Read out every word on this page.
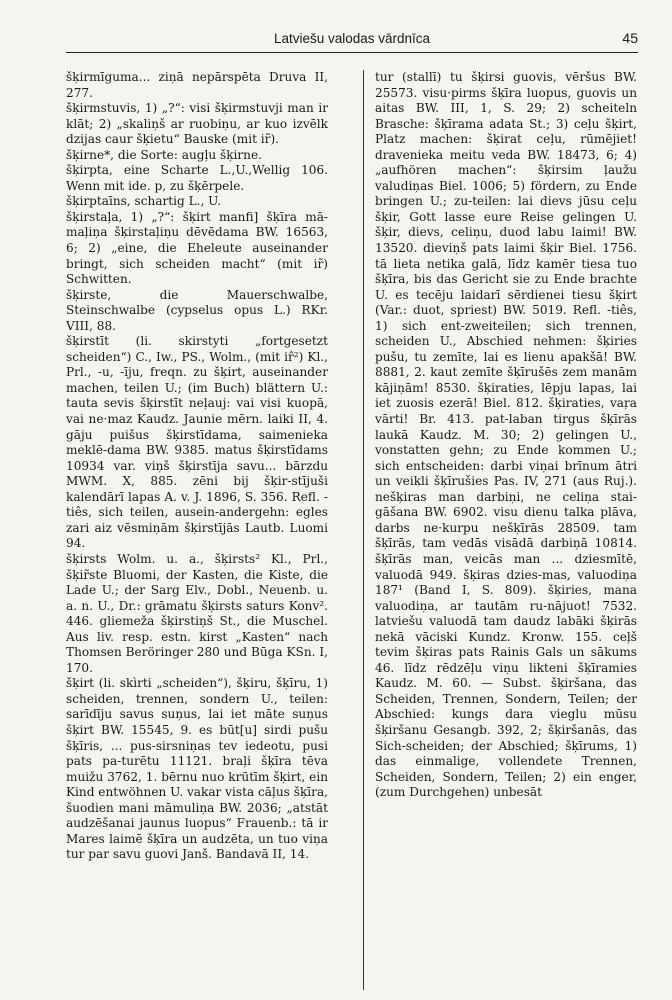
Latviešu valodas vārdnīca	45

šķirmīguma... ziņā nepārspēta Druva II, 277.

šķirmstuvis, 1) „?“: visi šķirmstuvji man ir klāt; 2) „skaliņš ar ruobiņu, ar kuo izvēlk dzijas caur šķietu“ Bauske (mit ir̃).

šķirne*, die Sorte: augļu šķirne.

šķirpta, eine Scharte L.,U.,Wellig 106. Wenn mit ide. p, zu šķērpele.

šķirptaīns, schartig L., U.

šķirstaļa, 1) „?“: šķirt manfi] šķīra mā-maļiņa šķirstaļiņu dēvēdama BW. 16563, 6; 2) „eine, die Eheleute auseinander bringt, sich scheiden macht“ (mit ir̃) Schwitten.

šķirste, die Mauerschwalbe, Steinschwalbe (cypselus opus L.) RKr. VIII, 88.

šķirstīt (li. skirstyti „fortgesetzt scheiden“) C., Iw., PS., Wolm., (mit ir̂²) Kl., Prl., -u, -īju, freqn. zu šķirt, auseinander machen, teilen U.; (im Buch) blättern U.: tauta sevis šķirstīt neļauj: vai visi kuopā, vai ne·maz Kaudz. Jaunie mērn. laiki II, 4. gāju puišus šķirstīdama, saimenieka meklē-dama BW. 9385. matus šķirstīdams 10934 var. viņš šķirstīja savu... bārzdu MWM. X, 885. zēni bij šķir-stījuši kalendārī lapas A. v. J. 1896, S. 356. Refl. -tiês, sich teilen, ausein-andergehn: egles zari aiz vēsmiņām šķirstījās Lautb. Luomi 94.

šķirsts Wolm. u. a., šķirsts² Kl., Prl., šķir̃ste Bluomi, der Kasten, die Kiste, die Lade U.; der Sarg Elv., Dobl., Neuenb. u. a. n. U., Dr.: grāmatu šķirsts saturs Konv². 446. gliemeža šķirstiņš St., die Muschel. Aus liv. resp. estn. kirst „Kasten“ nach Thomsen Beröringer 280 und Būga KSn. I, 170.

šķirt (li. skìrti „scheiden“), šķiru, šķīru, 1) scheiden, trennen, sondern U., teilen: sarīdīju savus suņus, lai iet māte suņus šķirt BW. 15545, 9. es būt[u] sirdi pušu šķīris, ... pus-sirsniņas tev iedeotu, pusi pats pa-turētu 11121. braļi šķīra tēva muižu 3762, 1. bērnu nuo krūtīm šķirt, ein Kind entwöhnen U. vakar vista cāļus šķīra, šuodien mani māmuliņa BW. 2036; „atstāt audzēšanai jaunus luopus“ Frauenb.: tā ir Mares laimē šķīra un audzēta, un tuo viņa tur par savu guovi Janš. Bandavā II, 14.

tur (stallī) tu šķirsi guovis, vēršus BW. 25573. visu·pirms šķīra luopus, guovis un aitas BW. III, 1, S. 29; 2) scheiteln Brasche: šķīrama adata St.; 3) ceļu šķirt, Platz machen: šķirat ceļu, rūmējiet! dravenieka meitu veda BW. 18473, 6; 4) „aufhören machen“: šķirsim ļaužu valudiņas Biel. 1006; 5) fördern, zu Ende bringen U.; zu-teilen: lai dievs jūsu ceļu šķir, Gott lasse eure Reise gelingen U. šķir, dievs, celiņu, duod labu laimi! BW. 13520. dieviņš pats laimi šķir Biel. 1756. tā lieta netika galā, līdz kamēr tiesa tuo šķīra, bis das Gericht sie zu Ende brachte U. es tecēju laidarī sērdienei tiesu šķirt (Var.: duot, spriest) BW. 5019. Refl. -tiês, 1) sich ent-zweiteilen; sich trennen, scheiden U., Abschied nehmen: šķiries pušu, tu zemīte, lai es lienu apakšā! BW. 8881, 2. kaut zemīte šķīrušēs zem manām kājiņām! 8530. šķiraties, lēpju lapas, lai iet zuosis ezerā! Biel. 812. šķiraties, vaŗa vārti! Br. 413. pat-laban tirgus šķīrās laukā Kaudz. M. 30; 2) gelingen U., vonstatten gehn; zu Ende kommen U.; sich entscheiden: darbi viņai brīnum ātri un veikli šķīrušies Pas. IV, 271 (aus Ruj.). nešķiras man darbiņi, ne celiņa stai-gāšana BW. 6902. visu dienu talka plāva, darbs ne·kurpu nešķīrās 28509. tam šķīrās, tam vedās visādā darbiņā 10814. šķīrās man, veicās man ... dziesmītē, valuodā 949. šķiras dzies-mas, valuodiņa 187¹ (Band I, S. 809). šķiries, mana valuodiņa, ar tautām ru-nājuot! 7532. latviešu valuodā tam daudz labāki šķirās nekā vāciski Kundz. Kronw. 155. ceļš tevim šķiras pats Rainis Gals un sākums 46. līdz rēdzēļu viņu likteni šķīramies Kaudz. M. 60. — Subst. šķiršana, das Scheiden, Trennen, Sondern, Teilen; der Abschied: kungs dara vieglu mūsu šķiršanu Gesangb. 392, 2; šķiršanās, das Sich-scheiden; der Abschied; šķīrums, 1) das einmalige, vollendete Trennen, Scheiden, Sondern, Teilen; 2) ein enger, (zum Durchgehen) unbesāt
